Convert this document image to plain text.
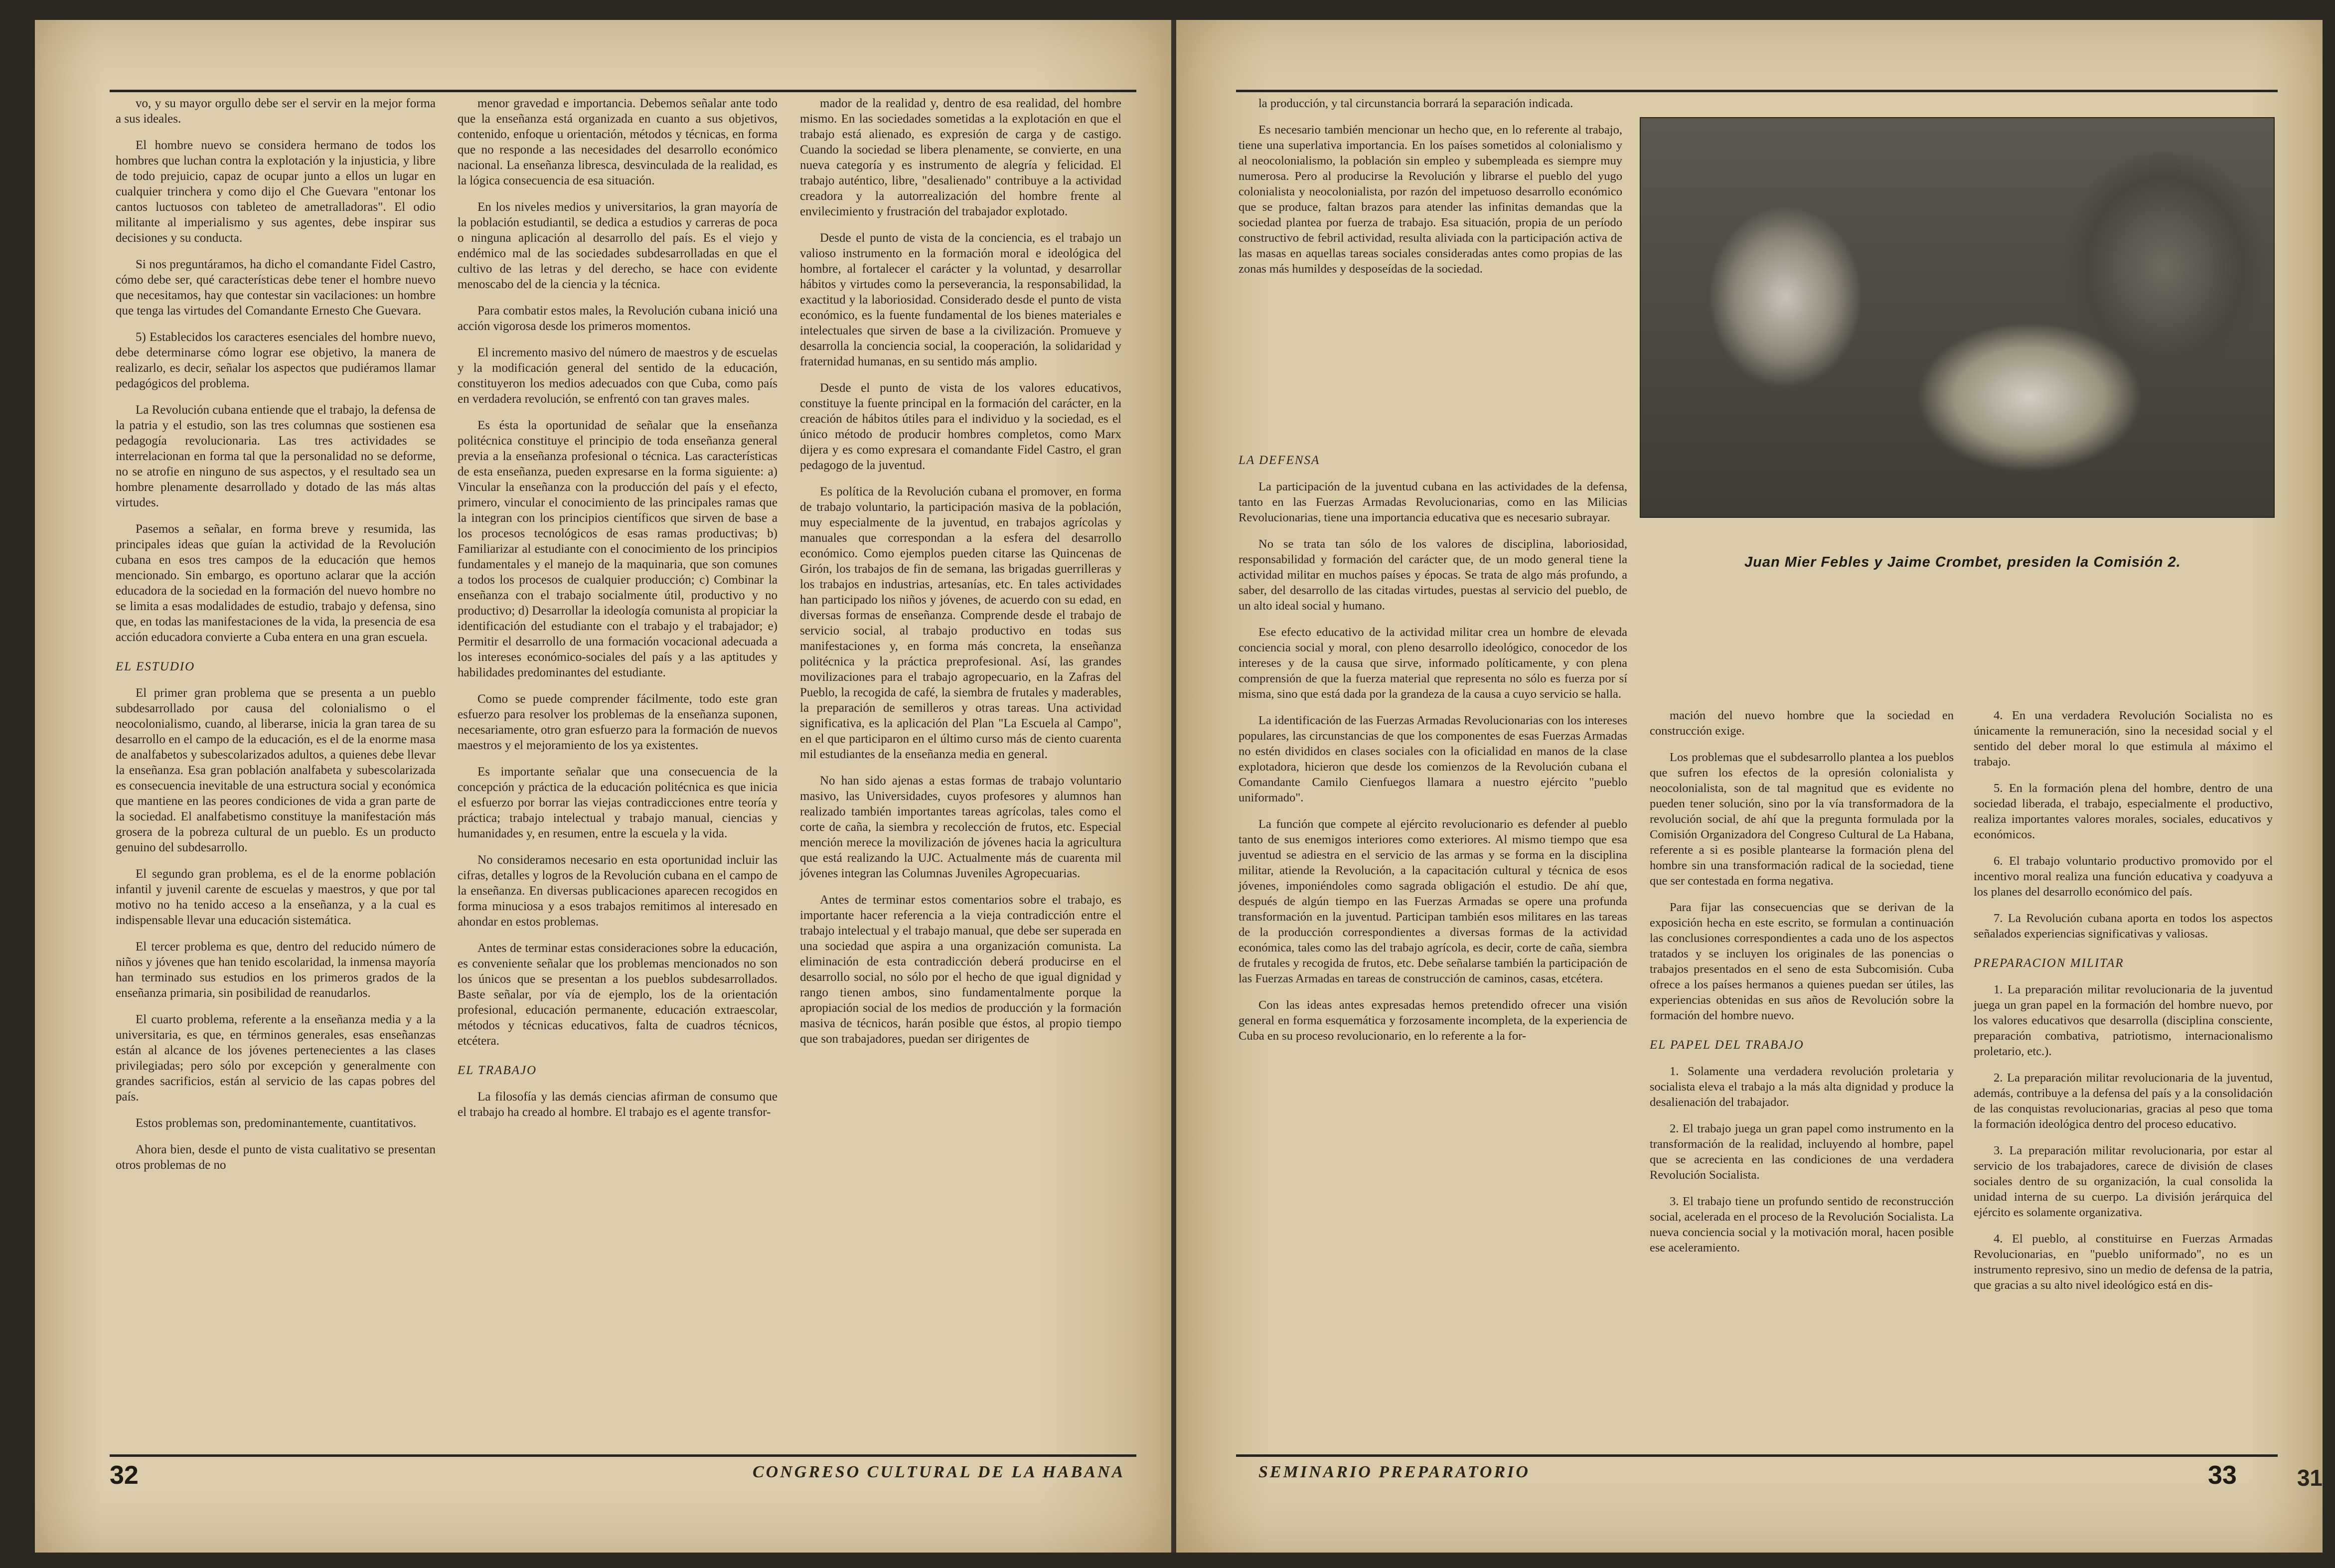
vo, y su mayor orgullo debe ser el servir en la mejor forma a sus ideales.

El hombre nuevo se considera hermano de todos los hombres que luchan contra la explotación y la injusticia, y libre de todo prejuicio, capaz de ocupar junto a ellos un lugar en cualquier trinchera y como dijo el Che Guevara "entonar los cantos luctuosos con tableteo de ametralladoras". El odio militante al imperialismo y sus agentes, debe inspirar sus decisiones y su conducta.

Si nos preguntáramos, ha dicho el comandante Fidel Castro, cómo debe ser, qué características debe tener el hombre nuevo que necesitamos, hay que contestar sin vacilaciones: un hombre que tenga las virtudes del Comandante Ernesto Che Guevara.

5) Establecidos los caracteres esenciales del hombre nuevo, debe determinarse cómo lograr ese objetivo, la manera de realizarlo, es decir, señalar los aspectos que pudiéramos llamar pedagógicos del problema.

La Revolución cubana entiende que el trabajo, la defensa de la patria y el estudio, son las tres columnas que sostienen esa pedagogía revolucionaria. Las tres actividades se interrelacionan en forma tal que la personalidad no se deforme, no se atrofie en ninguno de sus aspectos, y el resultado sea un hombre plenamente desarrollado y dotado de las más altas virtudes.

Pasemos a señalar, en forma breve y resumida, las principales ideas que guían la actividad de la Revolución cubana en esos tres campos de la educación que hemos mencionado. Sin embargo, es oportuno aclarar que la acción educadora de la sociedad en la formación del nuevo hombre no se limita a esas modalidades de estudio, trabajo y defensa, sino que, en todas las manifestaciones de la vida, la presencia de esa acción educadora convierte a Cuba entera en una gran escuela.

EL ESTUDIO

El primer gran problema que se presenta a un pueblo subdesarrollado por causa del colonialismo o el neocolonialismo, cuando, al liberarse, inicia la gran tarea de su desarrollo en el campo de la educación, es el de la enorme masa de analfabetos y subescolarizados adultos, a quienes debe llevar la enseñanza. Esa gran población analfabeta y subescolarizada es consecuencia inevitable de una estructura social y económica que mantiene en las peores condiciones de vida a gran parte de la sociedad. El analfabetismo constituye la manifestación más grosera de la pobreza cultural de un pueblo. Es un producto genuino del subdesarrollo.

El segundo gran problema, es el de la enorme población infantil y juvenil carente de escuelas y maestros, y que por tal motivo no ha tenido acceso a la enseñanza, y a la cual es indispensable llevar una educación sistemática.

El tercer problema es que, dentro del reducido número de niños y jóvenes que han tenido escolaridad, la inmensa mayoría han terminado sus estudios en los primeros grados de la enseñanza primaria, sin posibilidad de reanudarlos.

El cuarto problema, referente a la enseñanza media y a la universitaria, es que, en términos generales, esas enseñanzas están al alcance de los jóvenes pertenecientes a las clases privilegiadas; pero sólo por excepción y generalmente con grandes sacrificios, están al servicio de las capas pobres del país.

Estos problemas son, predominantemente, cuantitativos.

Ahora bien, desde el punto de vista cualitativo se presentan otros problemas de no

menor gravedad e importancia. Debemos señalar ante todo que la enseñanza está organizada en cuanto a sus objetivos, contenido, enfoque u orientación, métodos y técnicas, en forma que no responde a las necesidades del desarrollo económico nacional. La enseñanza libresca, desvinculada de la realidad, es la lógica consecuencia de esa situación.

En los niveles medios y universitarios, la gran mayoría de la población estudiantil, se dedica a estudios y carreras de poca o ninguna aplicación al desarrollo del país. Es el viejo y endémico mal de las sociedades subdesarrolladas en que el cultivo de las letras y del derecho, se hace con evidente menoscabo del de la ciencia y la técnica.

Para combatir estos males, la Revolución cubana inició una acción vigorosa desde los primeros momentos.

El incremento masivo del número de maestros y de escuelas y la modificación general del sentido de la educación, constituyeron los medios adecuados con que Cuba, como país en verdadera revolución, se enfrentó con tan graves males.

Es ésta la oportunidad de señalar que la enseñanza politécnica constituye el principio de toda enseñanza general previa a la enseñanza profesional o técnica. Las características de esta enseñanza, pueden expresarse en la forma siguiente: a) Vincular la enseñanza con la producción del país y el efecto, primero, vincular el conocimiento de las principales ramas que la integran con los principios científicos que sirven de base a los procesos tecnológicos de esas ramas productivas; b) Familiarizar al estudiante con el conocimiento de los principios fundamentales y el manejo de la maquinaria, que son comunes a todos los procesos de cualquier producción; c) Combinar la enseñanza con el trabajo socialmente útil, productivo y no productivo; d) Desarrollar la ideología comunista al propiciar la identificación del estudiante con el trabajo y el trabajador; e) Permitir el desarrollo de una formación vocacional adecuada a los intereses económico-sociales del país y a las aptitudes y habilidades predominantes del estudiante.

Como se puede comprender fácilmente, todo este gran esfuerzo para resolver los problemas de la enseñanza suponen, necesariamente, otro gran esfuerzo para la formación de nuevos maestros y el mejoramiento de los ya existentes.

Es importante señalar que una consecuencia de la concepción y práctica de la educación politécnica es que inicia el esfuerzo por borrar las viejas contradicciones entre teoría y práctica; trabajo intelectual y trabajo manual, ciencias y humanidades y, en resumen, entre la escuela y la vida.

No consideramos necesario en esta oportunidad incluir las cifras, detalles y logros de la Revolución cubana en el campo de la enseñanza. En diversas publicaciones aparecen recogidos en forma minuciosa y a esos trabajos remitimos al interesado en ahondar en estos problemas.

Antes de terminar estas consideraciones sobre la educación, es conveniente señalar que los problemas mencionados no son los únicos que se presentan a los pueblos subdesarrollados. Baste señalar, por vía de ejemplo, los de la orientación profesional, educación permanente, educación extraescolar, métodos y técnicas educativos, falta de cuadros técnicos, etcétera.

EL TRABAJO

La filosofía y las demás ciencias afirman de consumo que el trabajo ha creado al hombre. El trabajo es el agente transfor-

mador de la realidad y, dentro de esa realidad, del hombre mismo. En las sociedades sometidas a la explotación en que el trabajo está alienado, es expresión de carga y de castigo. Cuando la sociedad se libera plenamente, se convierte, en una nueva categoría y es instrumento de alegría y felicidad. El trabajo auténtico, libre, "desalienado" contribuye a la actividad creadora y la autorrealización del hombre frente al envilecimiento y frustración del trabajador explotado.

Desde el punto de vista de la conciencia, es el trabajo un valioso instrumento en la formación moral e ideológica del hombre, al fortalecer el carácter y la voluntad, y desarrollar hábitos y virtudes como la perseverancia, la responsabilidad, la exactitud y la laboriosidad. Considerado desde el punto de vista económico, es la fuente fundamental de los bienes materiales e intelectuales que sirven de base a la civilización. Promueve y desarrolla la conciencia social, la cooperación, la solidaridad y fraternidad humanas, en su sentido más amplio.

Desde el punto de vista de los valores educativos, constituye la fuente principal en la formación del carácter, en la creación de hábitos útiles para el individuo y la sociedad, es el único método de producir hombres completos, como Marx dijera y es como expresara el comandante Fidel Castro, el gran pedagogo de la juventud.

Es política de la Revolución cubana el promover, en forma de trabajo voluntario, la participación masiva de la población, muy especialmente de la juventud, en trabajos agrícolas y manuales que correspondan a la esfera del desarrollo económico. Como ejemplos pueden citarse las Quincenas de Girón, los trabajos de fin de semana, las brigadas guerrilleras y los trabajos en industrias, artesanías, etc. En tales actividades han participado los niños y jóvenes, de acuerdo con su edad, en diversas formas de enseñanza. Comprende desde el trabajo de servicio social, al trabajo productivo en todas sus manifestaciones y, en forma más concreta, la enseñanza politécnica y la práctica preprofesional. Así, las grandes movilizaciones para el trabajo agropecuario, en la Zafras del Pueblo, la recogida de café, la siembra de frutales y maderables, la preparación de semilleros y otras tareas. Una actividad significativa, es la aplicación del Plan "La Escuela al Campo", en el que participaron en el último curso más de ciento cuarenta mil estudiantes de la enseñanza media en general.

No han sido ajenas a estas formas de trabajo voluntario masivo, las Universidades, cuyos profesores y alumnos han realizado también importantes tareas agrícolas, tales como el corte de caña, la siembra y recolección de frutos, etc. Especial mención merece la movilización de jóvenes hacia la agricultura que está realizando la UJC. Actualmente más de cuarenta mil jóvenes integran las Columnas Juveniles Agropecuarias.

Antes de terminar estos comentarios sobre el trabajo, es importante hacer referencia a la vieja contradicción entre el trabajo intelectual y el trabajo manual, que debe ser superada en una sociedad que aspira a una organización comunista. La eliminación de esta contradicción deberá producirse en el desarrollo social, no sólo por el hecho de que igual dignidad y rango tienen ambos, sino fundamentalmente porque la apropiación social de los medios de producción y la formación masiva de técnicos, harán posible que éstos, al propio tiempo que son trabajadores, puedan ser dirigentes de

32	CONGRESO CULTURAL DE LA HABANA

la producción, y tal circunstancia borrará la separación indicada.

Es necesario también mencionar un hecho que, en lo referente al trabajo, tiene una superlativa importancia. En los países sometidos al colonialismo y al neocolonialismo, la población sin empleo y subempleada es siempre muy numerosa. Pero al producirse la Revolución y librarse el pueblo del yugo colonialista y neocolonialista, por razón del impetuoso desarrollo económico que se produce, faltan brazos para atender las infinitas demandas que la sociedad plantea por fuerza de trabajo. Esa situación, propia de un período constructivo de febril actividad, resulta aliviada con la participación activa de las masas en aquellas tareas sociales consideradas antes como propias de las zonas más humildes y desposeídas de la sociedad.

Juan Mier Febles y Jaime Crombet, presiden la Comisión 2.
LA DEFENSA

La participación de la juventud cubana en las actividades de la defensa, tanto en las Fuerzas Armadas Revolucionarias, como en las Milicias Revolucionarias, tiene una importancia educativa que es necesario subrayar.

No se trata tan sólo de los valores de disciplina, laboriosidad, responsabilidad y formación del carácter que, de un modo general tiene la actividad militar en muchos países y épocas. Se trata de algo más profundo, a saber, del desarrollo de las citadas virtudes, puestas al servicio del pueblo, de un alto ideal social y humano.

Ese efecto educativo de la actividad militar crea un hombre de elevada conciencia social y moral, con pleno desarrollo ideológico, conocedor de los intereses y de la causa que sirve, informado políticamente, y con plena comprensión de que la fuerza material que representa no sólo es fuerza por sí misma, sino que está dada por la grandeza de la causa a cuyo servicio se halla.

La identificación de las Fuerzas Armadas Revolucionarias con los intereses populares, las circunstancias de que los componentes de esas Fuerzas Armadas no estén divididos en clases sociales con la oficialidad en manos de la clase explotadora, hicieron que desde los comienzos de la Revolución cubana el Comandante Camilo Cienfuegos llamara a nuestro ejército "pueblo uniformado".

La función que compete al ejército revolucionario es defender al pueblo tanto de sus enemigos interiores como exteriores. Al mismo tiempo que esa juventud se adiestra en el servicio de las armas y se forma en la disciplina militar, atiende la Revolución, a la capacitación cultural y técnica de esos jóvenes, imponiéndoles como sagrada obligación el estudio. De ahí que, después de algún tiempo en las Fuerzas Armadas se opere una profunda transformación en la juventud. Participan también esos militares en las tareas de la producción correspondientes a diversas formas de la actividad económica, tales como las del trabajo agrícola, es decir, corte de caña, siembra de frutales y recogida de frutos, etc. Debe señalarse también la participación de las Fuerzas Armadas en tareas de construcción de caminos, casas, etcétera.

Con las ideas antes expresadas hemos pretendido ofrecer una visión general en forma esquemática y forzosamente incompleta, de la experiencia de Cuba en su proceso revolucionario, en lo referente a la for-

mación del nuevo hombre que la sociedad en construcción exige.

Los problemas que el subdesarrollo plantea a los pueblos que sufren los efectos de la opresión colonialista y neocolonialista, son de tal magnitud que es evidente no pueden tener solución, sino por la vía transformadora de la revolución social, de ahí que la pregunta formulada por la Comisión Organizadora del Congreso Cultural de La Habana, referente a si es posible plantearse la formación plena del hombre sin una transformación radical de la sociedad, tiene que ser contestada en forma negativa.

Para fijar las consecuencias que se derivan de la exposición hecha en este escrito, se formulan a continuación las conclusiones correspondientes a cada uno de los aspectos tratados y se incluyen los originales de las ponencias o trabajos presentados en el seno de esta Subcomisión. Cuba ofrece a los países hermanos a quienes puedan ser útiles, las experiencias obtenidas en sus años de Revolución sobre la formación del hombre nuevo.

EL PAPEL DEL TRABAJO

1. Solamente una verdadera revolución proletaria y socialista eleva el trabajo a la más alta dignidad y produce la desalienación del trabajador.

2. El trabajo juega un gran papel como instrumento en la transformación de la realidad, incluyendo al hombre, papel que se acrecienta en las condiciones de una verdadera Revolución Socialista.

3. El trabajo tiene un profundo sentido de reconstrucción social, acelerada en el proceso de la Revolución Socialista. La nueva conciencia social y la motivación moral, hacen posible ese aceleramiento.

4. En una verdadera Revolución Socialista no es únicamente la remuneración, sino la necesidad social y el sentido del deber moral lo que estimula al máximo el trabajo.

5. En la formación plena del hombre, dentro de una sociedad liberada, el trabajo, especialmente el productivo, realiza importantes valores morales, sociales, educativos y económicos.

6. El trabajo voluntario productivo promovido por el incentivo moral realiza una función educativa y coadyuva a los planes del desarrollo económico del país.

7. La Revolución cubana aporta en todos los aspectos señalados experiencias significativas y valiosas.

PREPARACION MILITAR

1. La preparación militar revolucionaria de la juventud juega un gran papel en la formación del hombre nuevo, por los valores educativos que desarrolla (disciplina consciente, preparación combativa, patriotismo, internacionalismo proletario, etc.).

2. La preparación militar revolucionaria de la juventud, además, contribuye a la defensa del país y a la consolidación de las conquistas revolucionarias, gracias al peso que toma la formación ideológica dentro del proceso educativo.

3. La preparación militar revolucionaria, por estar al servicio de los trabajadores, carece de división de clases sociales dentro de su organización, la cual consolida la unidad interna de su cuerpo. La división jerárquica del ejército es solamente organizativa.

4. El pueblo, al constituirse en Fuerzas Armadas Revolucionarias, en "pueblo uniformado", no es un instrumento represivo, sino un medio de defensa de la patria, que gracias a su alto nivel ideológico está en dis-

SEMINARIO PREPARATORIO	33	31
